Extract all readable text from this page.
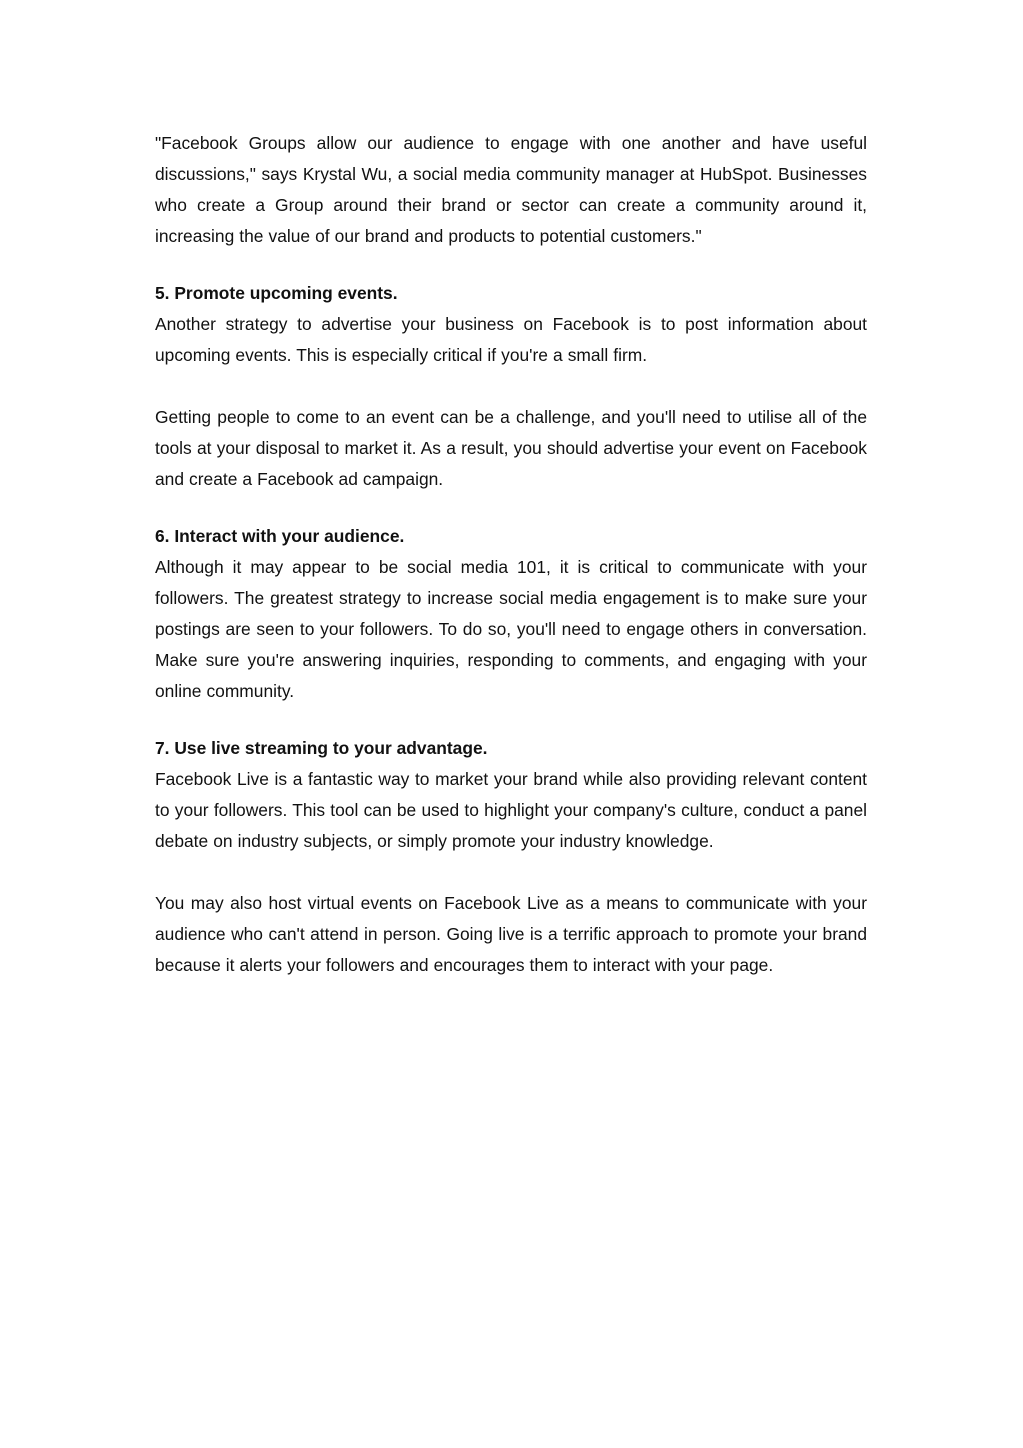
"Facebook Groups allow our audience to engage with one another and have useful discussions," says Krystal Wu, a social media community manager at HubSpot. Businesses who create a Group around their brand or sector can create a community around it, increasing the value of our brand and products to potential customers."

5. Promote upcoming events.

Another strategy to advertise your business on Facebook is to post information about upcoming events. This is especially critical if you're a small firm.

Getting people to come to an event can be a challenge, and you'll need to utilise all of the tools at your disposal to market it. As a result, you should advertise your event on Facebook and create a Facebook ad campaign.

6. Interact with your audience.

Although it may appear to be social media 101, it is critical to communicate with your followers. The greatest strategy to increase social media engagement is to make sure your postings are seen to your followers. To do so, you'll need to engage others in conversation. Make sure you're answering inquiries, responding to comments, and engaging with your online community.

7. Use live streaming to your advantage.

Facebook Live is a fantastic way to market your brand while also providing relevant content to your followers. This tool can be used to highlight your company's culture, conduct a panel debate on industry subjects, or simply promote your industry knowledge.

You may also host virtual events on Facebook Live as a means to communicate with your audience who can't attend in person. Going live is a terrific approach to promote your brand because it alerts your followers and encourages them to interact with your page.
